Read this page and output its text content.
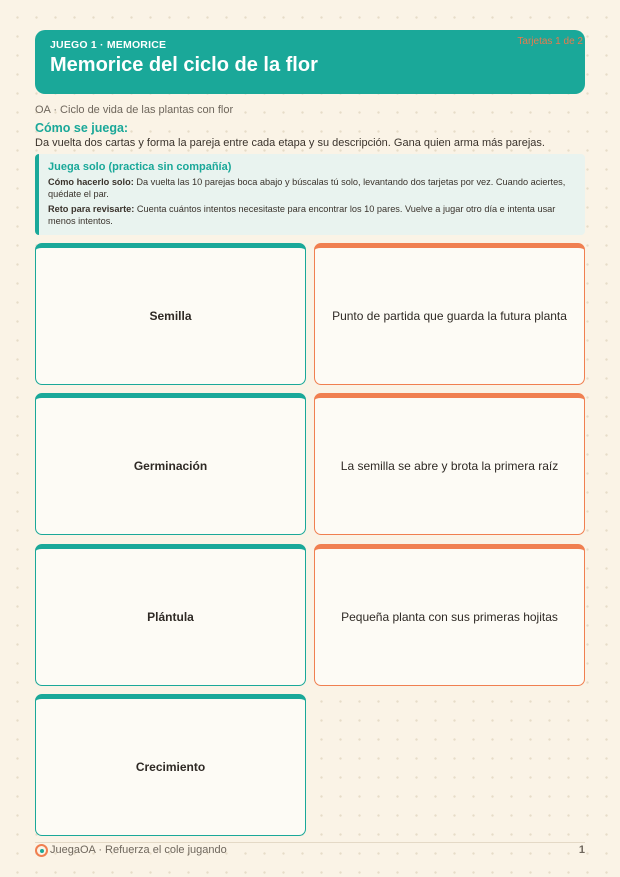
JUEGO 1 · MEMORICE
Memorice del ciclo de la flor
Tarjetas 1 de 2
OA · Ciclo de vida de las plantas con flor
Cómo se juega:
Da vuelta dos cartas y forma la pareja entre cada etapa y su descripción. Gana quien arma más parejas.
Juega solo (practica sin compañía)
Cómo hacerlo solo: Da vuelta las 10 parejas boca abajo y búscalas tú solo, levantando dos tarjetas por vez. Cuando aciertes, quédate el par.
Reto para revisarte: Cuenta cuántos intentos necesitaste para encontrar los 10 pares. Vuelve a jugar otro día e intenta usar menos intentos.
Semilla	Punto de partida que guarda la futura planta
Germinación	La semilla se abre y brota la primera raíz
Plántula	Pequeña planta con sus primeras hojitas
Crecimiento
JuegaOA · Refuerza el cole jugando	1
